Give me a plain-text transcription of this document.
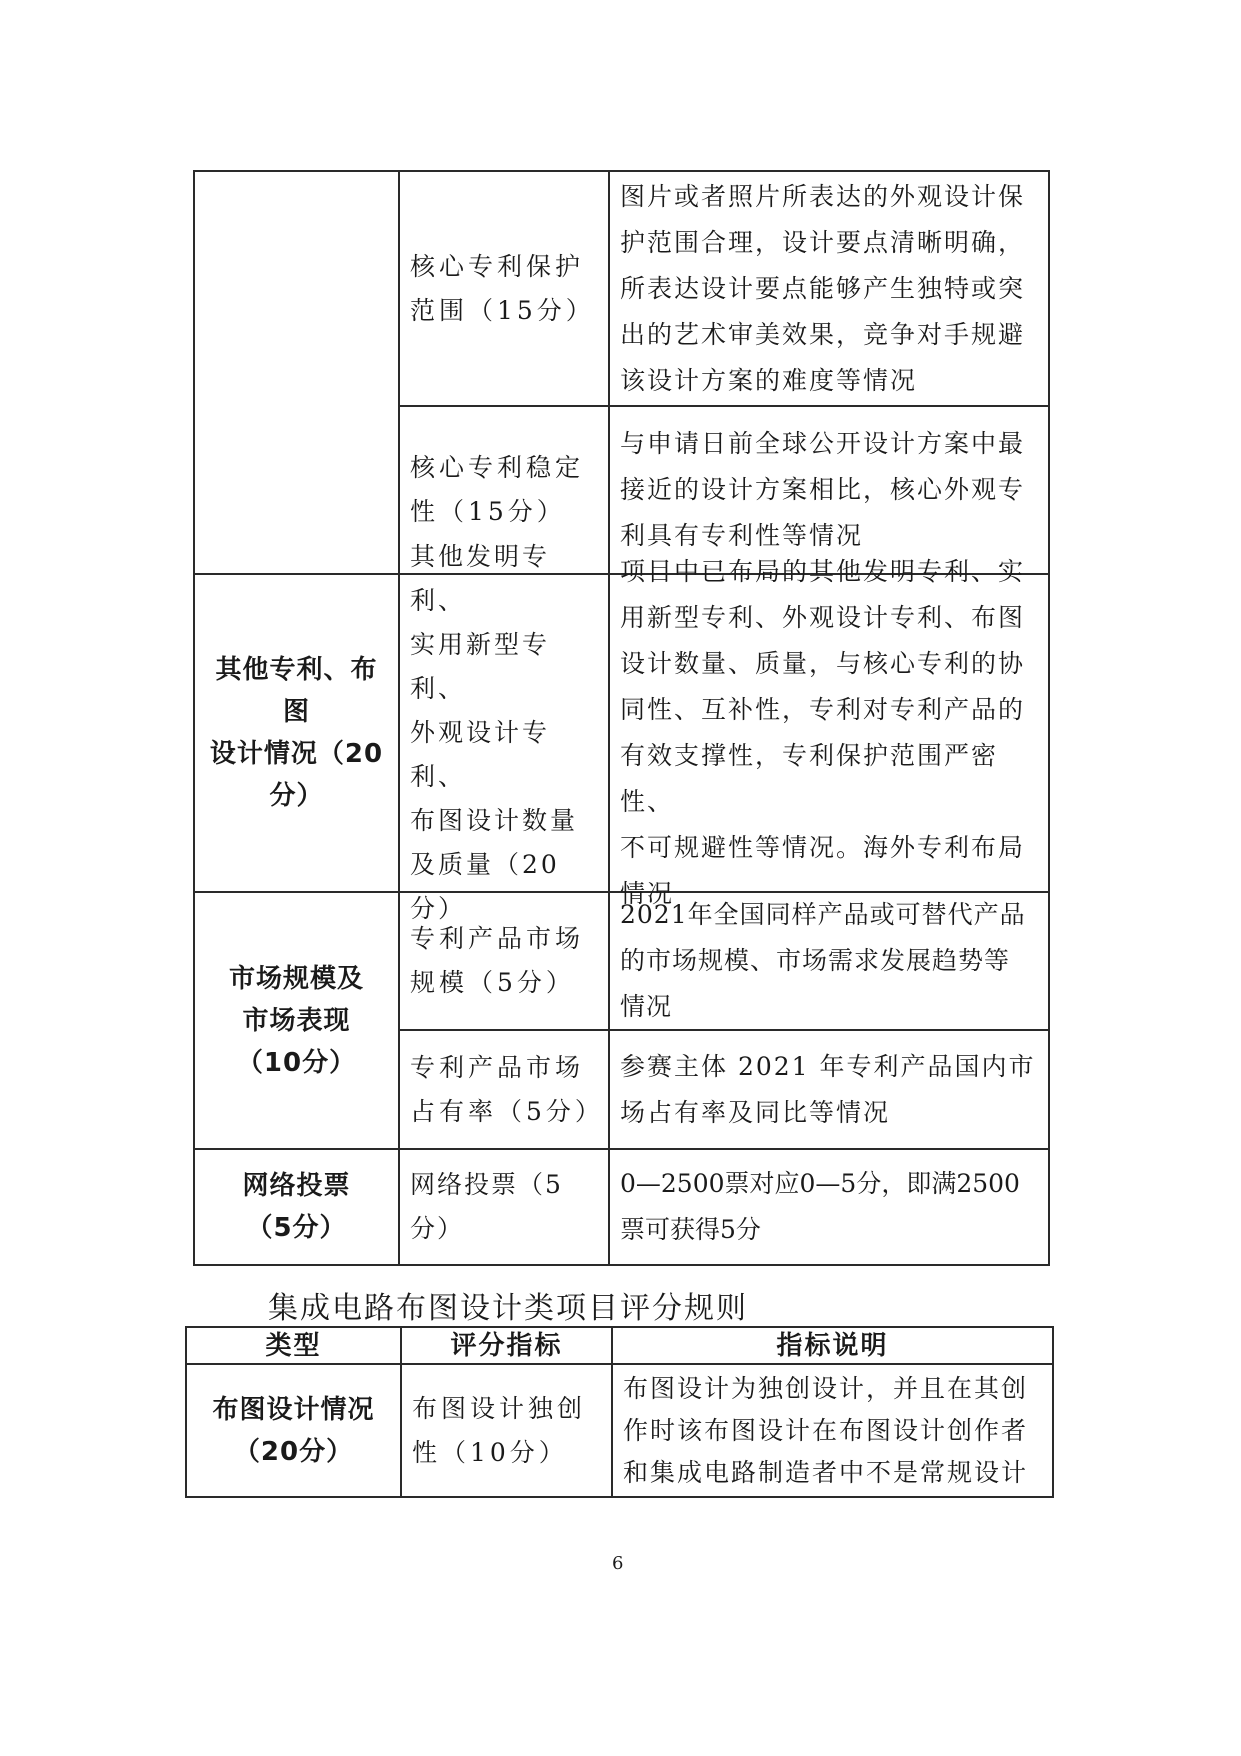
核心专利保护
范围（15分）
图片或者照片所表达的外观设计保
护范围合理，设计要点清晰明确，
所表达设计要点能够产生独特或突
出的艺术审美效果，竞争对手规避
该设计方案的难度等情况
核心专利稳定
性（15分）
与申请日前全球公开设计方案中最
接近的设计方案相比，核心外观专
利具有专利性等情况
其他专利、布图
设计情况（20
分）
其他发明专利、
实用新型专利、
外观设计专利、
布图设计数量
及质量（20分）
项目中已布局的其他发明专利、实
用新型专利、外观设计专利、布图
设计数量、质量，与核心专利的协
同性、互补性，专利对专利产品的
有效支撑性，专利保护范围严密性、
不可规避性等情况。海外专利布局
情况
市场规模及
市场表现
（10分）
专利产品市场
规模（5分）
2021年全国同样产品或可替代产品
的市场规模、市场需求发展趋势等
情况
专利产品市场
占有率（5分）
参赛主体 2021 年专利产品国内市
场占有率及同比等情况
网络投票
（5分）
网络投票（5分）
0—2500票对应0—5分，即满2500
票可获得5分
集成电路布图设计类项目评分规则
类型	评分指标	指标说明
布图设计情况
（20分）
布图设计独创
性（10分）
布图设计为独创设计，并且在其创
作时该布图设计在布图设计创作者
和集成电路制造者中不是常规设计
6
